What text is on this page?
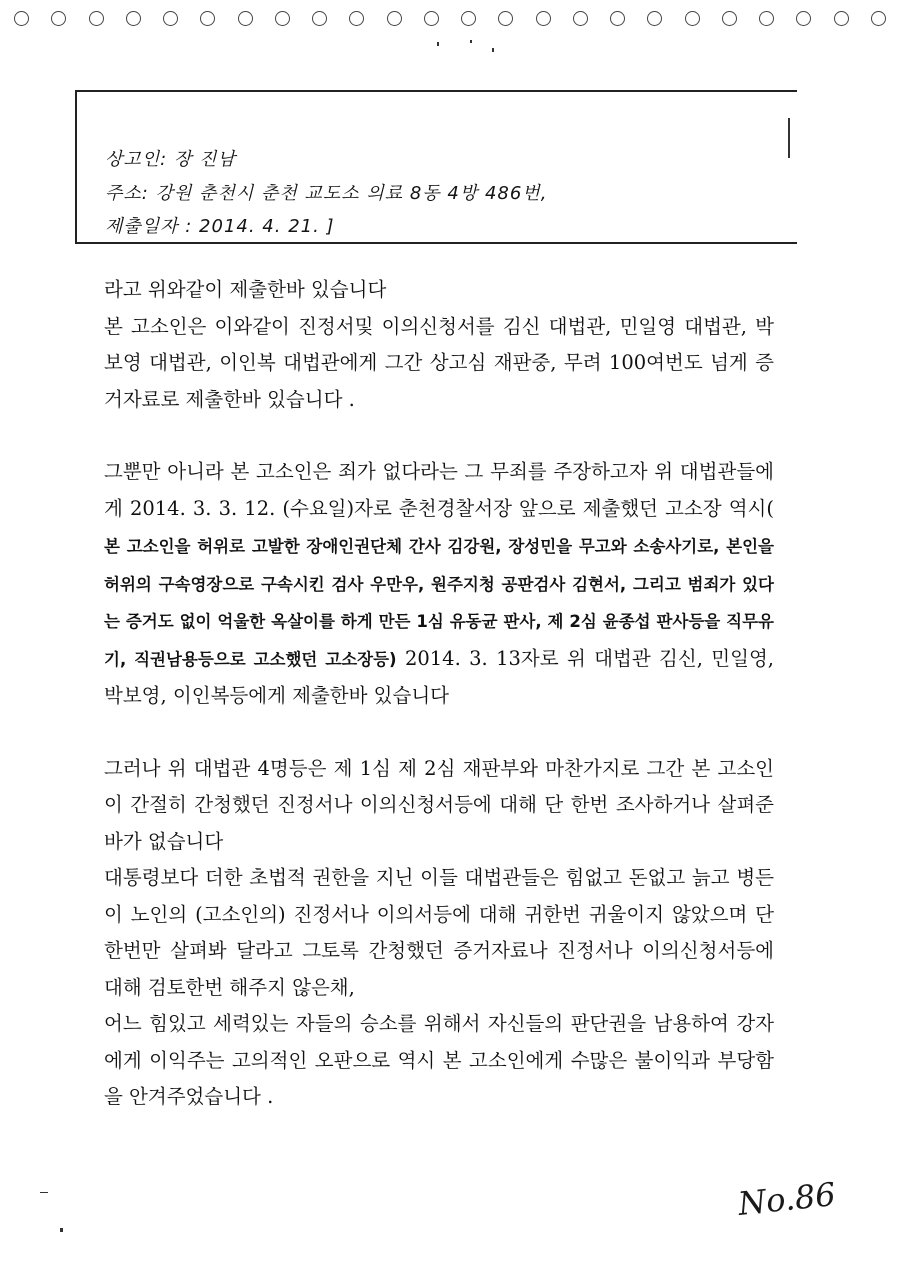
상고인: 장 진남
주소: 강원 춘천시 춘천 교도소 의료 8동 4방 486번,
제출일자 : 2014. 4. 21. ]

라고 위와같이 제출한바 있습니다

본 고소인은 이와같이 진정서및 이의신청서를 김신 대법관, 민일영 대법관, 박보영 대법관, 이인복 대법관에게 그간 상고심 재판중, 무려 100여번도 넘게 증거자료로 제출한바 있습니다 .

그뿐만 아니라 본 고소인은 죄가 없다라는 그 무죄를 주장하고자 위 대법관들에게 2014. 3. 3. 12. (수요일)자로 춘천경찰서장 앞으로 제출했던 고소장 역시( 본 고소인을 허위로 고발한 장애인권단체 간사 김강원, 장성민을 무고와 소송사기로, 본인을 허위의 구속영장으로 구속시킨 검사 우만우, 원주지청 공판검사 김현서, 그리고 범죄가 있다는 증거도 없이 억울한 옥살이를 하게 만든 1심 유동균 판사, 제 2심 윤종섭 판사등을 직무유기, 직권남용등으로 고소했던 고소장등) 2014. 3. 13자로 위 대법관 김신, 민일영, 박보영, 이인복등에게 제출한바 있습니다

그러나 위 대법관 4명등은 제 1심 제 2심 재판부와 마찬가지로 그간 본 고소인이 간절히 간청했던 진정서나 이의신청서등에 대해 단 한번 조사하거나 살펴준바가 없습니다

대통령보다 더한 초법적 권한을 지닌 이들 대법관들은 힘없고 돈없고 늙고 병든 이 노인의 (고소인의) 진정서나 이의서등에 대해 귀한번 귀울이지 않았으며 단 한번만 살펴봐 달라고 그토록 간청했던 증거자료나 진정서나 이의신청서등에 대해 검토한번 해주지 않은채,

어느 힘있고 세력있는 자들의 승소를 위해서 자신들의 판단권을 남용하여 강자에게 이익주는 고의적인 오판으로 역시 본 고소인에게 수많은 불이익과 부당함을 안겨주었습니다 .

No.86
